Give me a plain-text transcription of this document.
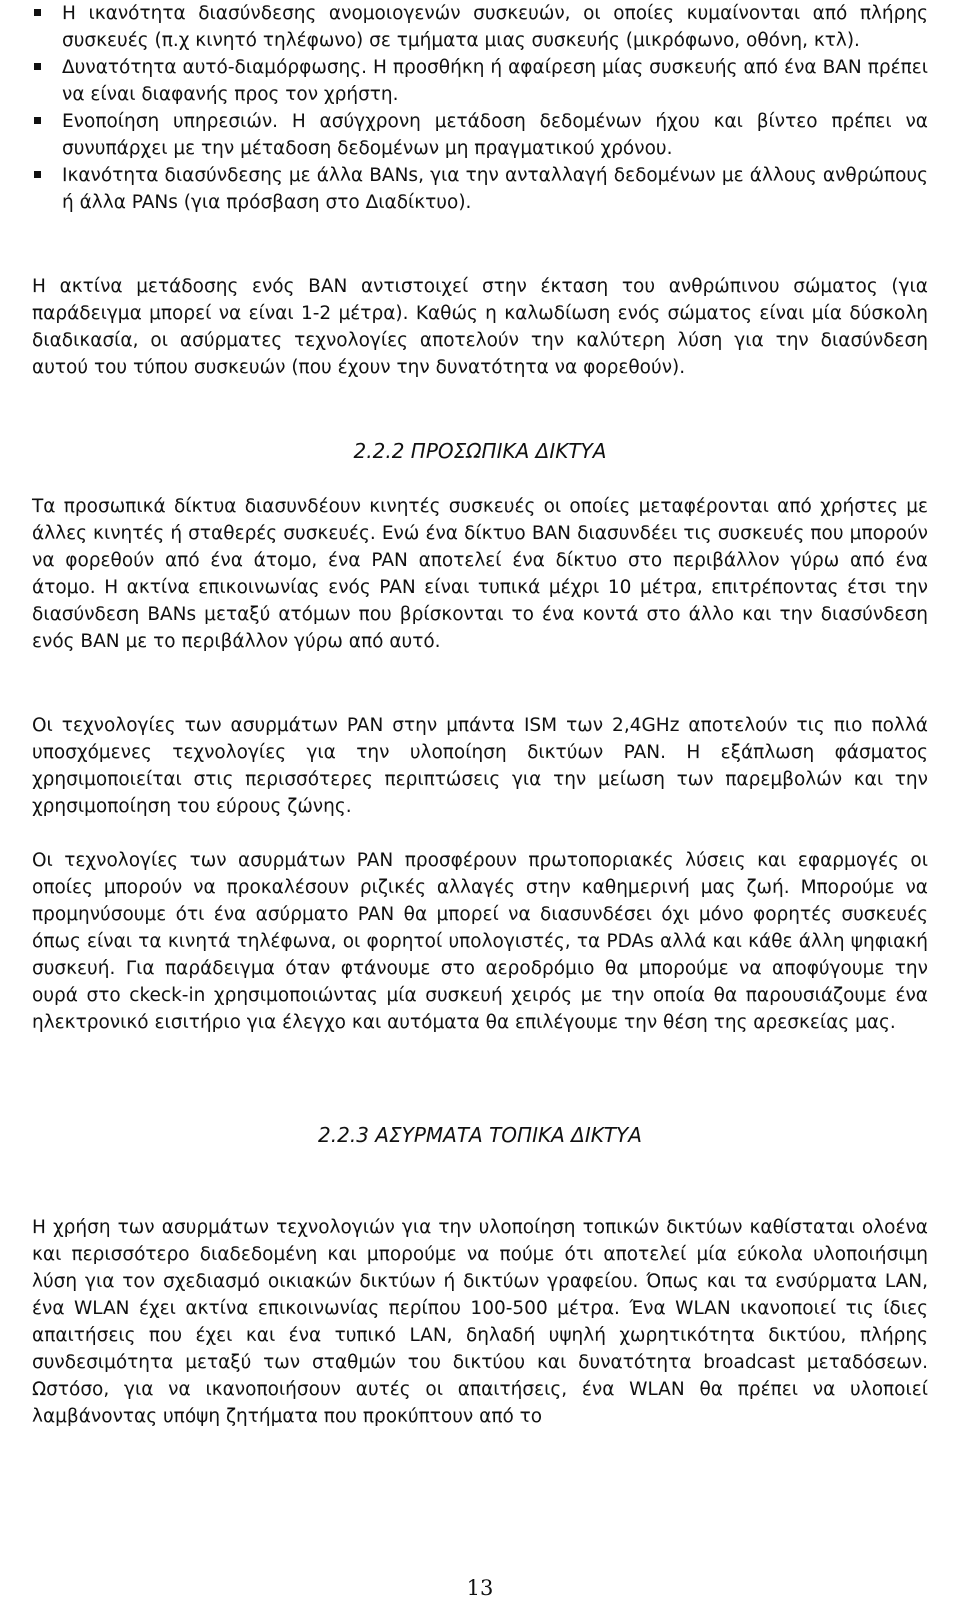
Η ικανότητα διασύνδεσης ανομοιογενών συσκευών, οι οποίες κυμαίνονται από πλήρης συσκευές (π.χ κινητό τηλέφωνο) σε τμήματα μιας συσκευής (μικρόφωνο, οθόνη, κτλ).
Δυνατότητα αυτό-διαμόρφωσης. Η προσθήκη ή αφαίρεση μίας συσκευής από ένα BAN πρέπει να είναι διαφανής προς τον χρήστη.
Ενοποίηση υπηρεσιών. Η ασύγχρονη μετάδοση δεδομένων ήχου και βίντεο πρέπει να συνυπάρχει με την μέταδοση δεδομένων μη πραγματικού χρόνου.
Ικανότητα διασύνδεσης με άλλα BANs, για την ανταλλαγή δεδομένων με άλλους ανθρώπους ή άλλα PANs (για πρόσβαση στο Διαδίκτυο).

Η ακτίνα μετάδοσης ενός BAN αντιστοιχεί στην έκταση του ανθρώπινου σώματος (για παράδειγμα μπορεί να είναι 1-2 μέτρα). Καθώς η καλωδίωση ενός σώματος είναι μία δύσκολη διαδικασία, οι ασύρματες τεχνολογίες αποτελούν την καλύτερη λύση για την διασύνδεση αυτού του τύπου συσκευών (που έχουν την δυνατότητα να φορεθούν).

2.2.2 ΠΡΟΣΩΠΙΚΑ ΔΙΚΤΥΑ

Τα προσωπικά δίκτυα διασυνδέουν κινητές συσκευές οι οποίες μεταφέρονται από χρήστες με άλλες κινητές ή σταθερές συσκευές. Ενώ ένα δίκτυο BAN διασυνδέει τις συσκευές που μπορούν να φορεθούν από ένα άτομο, ένα PAN αποτελεί ένα δίκτυο στο περιβάλλον γύρω από ένα άτομο. Η ακτίνα επικοινωνίας ενός PAN είναι τυπικά μέχρι 10 μέτρα, επιτρέποντας έτσι την διασύνδεση BANs μεταξύ ατόμων που βρίσκονται το ένα κοντά στο άλλο και την διασύνδεση ενός BAN με το περιβάλλον γύρω από αυτό.

Οι τεχνολογίες των ασυρμάτων PAN στην μπάντα ISM των 2,4GHz αποτελούν τις πιο πολλά υποσχόμενες τεχνολογίες για την υλοποίηση δικτύων PAN. Η εξάπλωση φάσματος χρησιμοποιείται στις περισσότερες περιπτώσεις για την μείωση των παρεμβολών και την χρησιμοποίηση του εύρους ζώνης.

Οι τεχνολογίες των ασυρμάτων PAN προσφέρουν πρωτοποριακές λύσεις και εφαρμογές οι οποίες μπορούν να προκαλέσουν ριζικές αλλαγές στην καθημερινή μας ζωή. Μπορούμε να προμηνύσουμε ότι ένα ασύρματο PAN θα μπορεί να διασυνδέσει όχι μόνο φορητές συσκευές όπως είναι τα κινητά τηλέφωνα, οι φορητοί υπολογιστές, τα PDAs αλλά και κάθε άλλη ψηφιακή συσκευή. Για παράδειγμα όταν φτάνουμε στο αεροδρόμιο θα μπορούμε να αποφύγουμε την ουρά στο ckeck-in χρησιμοποιώντας μία συσκευή χειρός με την οποία θα παρουσιάζουμε ένα ηλεκτρονικό εισιτήριο για έλεγχο και αυτόματα θα επιλέγουμε την θέση της αρεσκείας μας.

2.2.3 ΑΣΥΡΜΑΤΑ ΤΟΠΙΚΑ ΔΙΚΤΥΑ

Η χρήση των ασυρμάτων τεχνολογιών για την υλοποίηση τοπικών δικτύων καθίσταται ολοένα και περισσότερο διαδεδομένη και μπορούμε να πούμε ότι αποτελεί μία εύκολα υλοποιήσιμη λύση για τον σχεδιασμό οικιακών δικτύων ή δικτύων γραφείου. Όπως και τα ενσύρματα LAN, ένα WLAN έχει ακτίνα επικοινωνίας περίπου 100-500 μέτρα. Ένα WLAN ικανοποιεί τις ίδιες απαιτήσεις που έχει και ένα τυπικό LAN, δηλαδή υψηλή χωρητικότητα δικτύου, πλήρης συνδεσιμότητα μεταξύ των σταθμών του δικτύου και δυνατότητα broadcast μεταδόσεων. Ωστόσο, για να ικανοποιήσουν αυτές οι απαιτήσεις, ένα WLAN θα πρέπει να υλοποιεί λαμβάνοντας υπόψη ζητήματα που προκύπτουν από το

13
